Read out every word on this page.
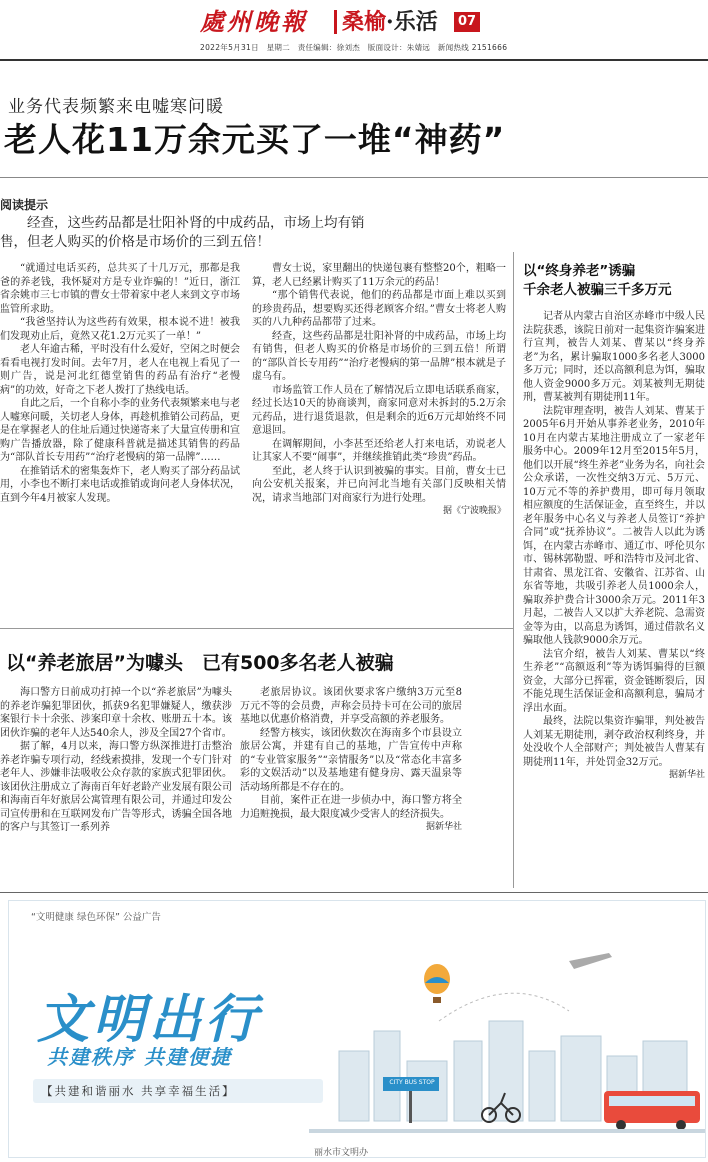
處州晚報 桑榆·乐活	07
2022年5月31日 星期二 责任编辑：徐刘杰 版面设计：朱婧远 新闻热线 2151666
业务代表频繁来电嘘寒问暖
老人花11万余元买了一堆“神药”
阅读提示
经查，这些药品都是壮阳补肾的中成药品，市场上均有销售，但老人购买的价格是市场价的三到五倍！

“就通过电话买药，总共买了十几万元，那都是我爸的养老钱，我怀疑对方是专业诈骗的！”近日，浙江省余姚市三七市镇的曹女士带着家中老人来到文亨市场监管所求助。

“我爸坚持认为这些药有效果，根本说不进！被我们发现劝止后，竟然又花1.2万元买了一单！”

老人年逾古稀，平时没有什么爱好，空闲之时便会看看电视打发时间。去年7月，老人在电视上看见了一则广告，说是河北红德堂销售的药品有治疗“老慢病”的功效，好奇之下老人拨打了热线电话。

自此之后，一个自称小李的业务代表频繁来电与老人嘘寒问暖，关切老人身体，再趁机推销公司药品，更是在掌握老人的住址后通过快递寄来了大量宣传册和宣购广告播放器，除了健康科普就是描述其销售的药品为“部队首长专用药”“治疗老慢病的第一品牌”……

在推销话术的密集轰炸下，老人购买了部分药品试用，小李也不断打来电话或推销或询问老人身体状况，直到今年4月被家人发现。

曹女士说，家里翻出的快递包裹有整整20个，粗略一算，老人已经累计购买了11万余元的药品！

“那个销售代表说，他们的药品都是市面上难以买到的珍贵药品，想要购买还得老顾客介绍。”曹女士将老人购买的八九种药品都带了过来。

经查，这些药品都是壮阳补肾的中成药品，市场上均有销售，但老人购买的价格是市场价的三到五倍！所谓的“部队首长专用药”“治疗老慢病的第一品牌”根本就是子虚乌有。

市场监管工作人员在了解情况后立即电话联系商家，经过长达10天的协商谈判，商家同意对未拆封的5.2万余元药品，进行退货退款，但是剩余的近6万元却始终不同意退回。

在调解期间，小李甚至还给老人打来电话，劝说老人让其家人不要“闹事”，并继续推销此类“珍贵”药品。

至此，老人终于认识到被骗的事实。目前，曹女士已向公安机关报案，并已向河北当地有关部门反映相关情况，请求当地部门对商家行为进行处理。

据《宁波晚报》
以“终身养老”诱骗
千余老人被骗三千多万元

记者从内蒙古自治区赤峰市中级人民法院获悉，该院日前对一起集资诈骗案进行宣判，被告人刘某、曹某以“终身养老”为名，累计骗取1000多名老人3000多万元；同时，还以高额利息为饵，骗取他人资金9000多万元。刘某被判无期徒刑，曹某被判有期徒刑11年。

法院审理查明，被告人刘某、曹某于2005年6月开始从事养老业务，2010年10月在内蒙古某地注册成立了一家老年服务中心。2009年12月至2015年5月，他们以开展“终生养老”业务为名，向社会公众承诺，一次性交纳3万元、5万元、10万元不等的养护费用，即可每月领取相应额度的生活保证金，直至终生，并以老年服务中心名义与养老人员签订“养护合同”或“抚养协议”。二被告人以此为诱饵，在内蒙古赤峰市、通辽市、呼伦贝尔市、锡林郭勒盟、呼和浩特市及河北省、甘肃省、黑龙江省、安徽省、江苏省、山东省等地，共吸引养老人员1000余人，骗取养护费合计3000余万元。2011年3月起，二被告人又以扩大养老院、急需资金等为由，以高息为诱饵，通过借款名义骗取他人钱款9000余万元。

法官介绍，被告人刘某、曹某以“终生养老”“高额返利”等为诱饵骗得的巨额资金，大部分已挥霍，资金链断裂后，因不能兑现生活保证金和高额利息，骗局才浮出水面。

最终，法院以集资诈骗罪，判处被告人刘某无期徒刑，剥夺政治权利终身，并处没收个人全部财产；判处被告人曹某有期徒刑11年，并处罚金32万元。

据新华社
以“养老旅居”为噱头　已有500多名老人被骗

海口警方日前成功打掉一个以“养老旅居”为噱头的养老诈骗犯罪团伙，抓获9名犯罪嫌疑人，缴获涉案银行卡十余张、涉案印章十余枚、账册五十本。该团伙诈骗的老年人达540余人，涉及全国27个省市。

据了解，4月以来，海口警方纵深推进打击整治养老诈骗专项行动，经线索摸排，发现一个专门针对老年人、涉嫌非法吸收公众存款的家族式犯罪团伙。该团伙注册成立了海南百年好老龄产业发展有限公司和海南百年好旅居公寓管理有限公司，并通过印发公司宣传册和在互联网发布广告等形式，诱骗全国各地的客户与其签订一系列养

老旅居协议。该团伙要求客户缴纳3万元至8万元不等的会员费，声称会员持卡可在公司的旅居基地以优惠价格消费，并享受高额的养老服务。

经警方核实，该团伙数次在海南多个市县设立旅居公寓，并建有自己的基地，广告宣传中声称的“专业管家服务”“亲情服务”以及“常态化丰富多彩的文娱活动”以及基地建有健身房、露天温泉等活动场所都是不存在的。

目前，案件正在进一步侦办中，海口警方将全力追赃挽损，最大限度减少受害人的经济损失。

据新华社
“文明健康 绿色环保” 公益广告
文明出行
共建秩序 共建便捷
【共建和谐丽水 共享幸福生活】
CITY BUS STOP
丽水市文明办
